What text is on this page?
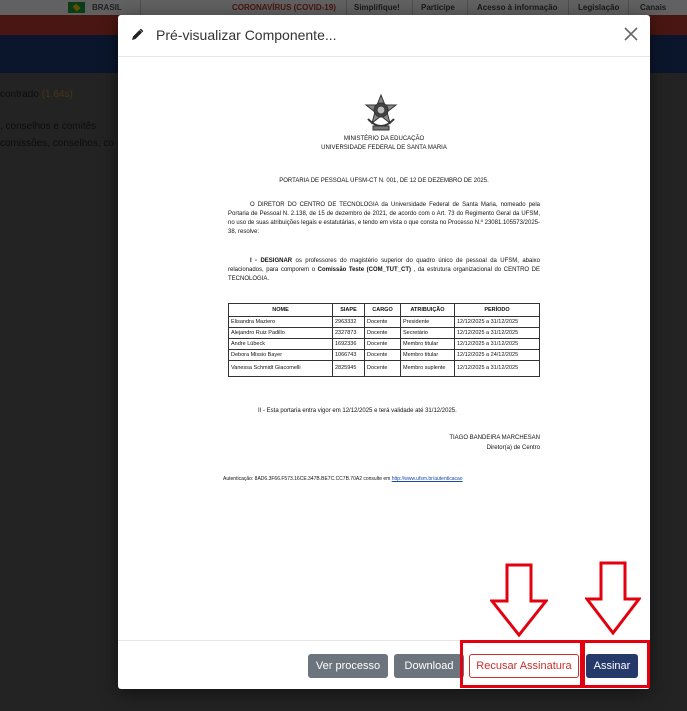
Pré-visualizar Componente...
MINISTÉRIO DA EDUCAÇÃO
UNIVERSIDADE FEDERAL DE SANTA MARIA
PORTARIA DE PESSOAL UFSM-CT N. 001, DE 12 DE DEZEMBRO DE 2025.
O DIRETOR DO CENTRO DE TECNOLOGIA da Universidade Federal de Santa Maria, nomeado pela Portaria de Pessoal N. 2.138, de 15 de dezembro de 2021, de acordo com o Art. 73 do Regimento Geral da UFSM, no uso de suas atribuições legais e estatutárias, e tendo em vista o que consta no Processo N.º 23081.105573/2025-38, resolve:
I - DESIGNAR os professores do magistério superior do quadro único de pessoal da UFSM, abaixo relacionados, para comporem o Comissão Teste (COM_TUT_CT) , da estrutura organizacional do CENTRO DE TECNOLOGIA.
NOME	SIAPE	CARGO	ATRIBUIÇÃO	PERÍODO
Elisandra Maziero	2963332	Docente	Presidente	12/12/2025 a 31/12/2025
Alejandro Ruiz Padillo	2327873	Docente	Secretário	12/12/2025 a 31/12/2025
Andre Lübeck	1692336	Docente	Membro titular	12/12/2025 a 31/12/2025
Debora Missio Bayer	1066743	Docente	Membro titular	12/12/2025 a 24/12/2025
Vanessa Schmidt Giacomelli	2825945	Docente	Membro suplente	12/12/2025 a 31/12/2025
II - Esta portaria entra vigor em 12/12/2025 e terá validade até 31/12/2025.
TIAGO BANDEIRA MARCHESAN
Diretor(a) de Centro
Autenticação: 8AD6.3F66.F573.16CE.347B.BE7C.CC7B.70A2 consulte em http://www.ufsm.br/autenticacao
Ver processo	Download	Recusar Assinatura	Assinar
